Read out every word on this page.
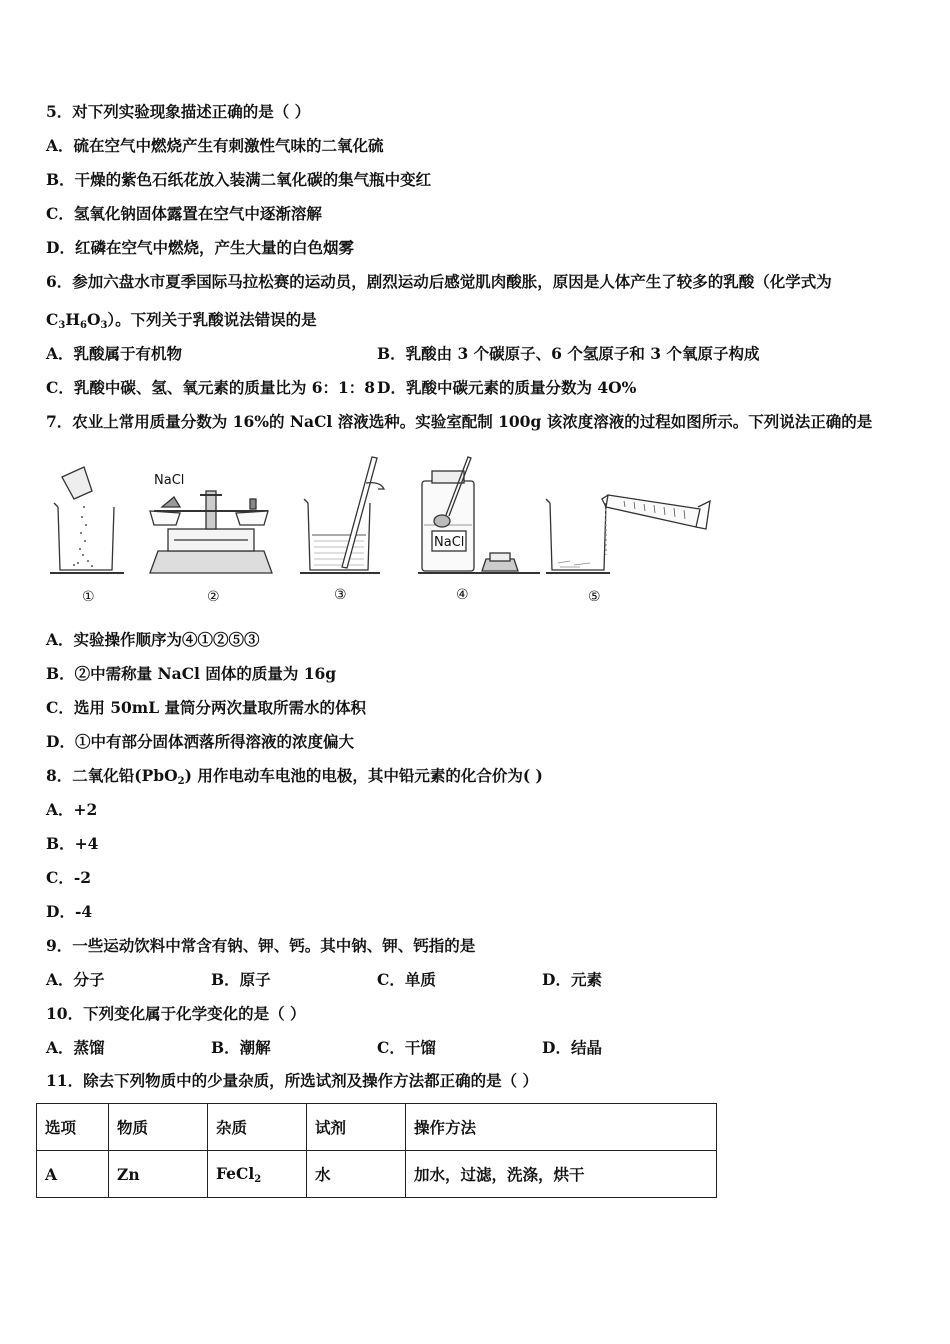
5．对下列实验现象描述正确的是（ ）
A．硫在空气中燃烧产生有刺激性气味的二氧化硫
B．干燥的紫色石纸花放入装满二氧化碳的集气瓶中变红
C．氢氧化钠固体露置在空气中逐渐溶解
D．红磷在空气中燃烧，产生大量的白色烟雾
6．参加六盘水市夏季国际马拉松赛的运动员，剧烈运动后感觉肌肉酸胀，原因是人体产生了较多的乳酸（化学式为
$C_3H_6O_3$）。下列关于乳酸说法错误的是
A．乳酸属于有机物	B．乳酸由 3 个碳原子、6 个氢原子和 3 个氧原子构成
C．乳酸中碳、氢、氧元素的质量比为 6：1：8 D．乳酸中碳元素的质量分数为 4O%
7．农业上常用质量分数为 16%的 NaCl 溶液选种。实验室配制 100g 该浓度溶液的过程如图所示。下列说法正确的是
NaCl
NaCl
①	②	③	④	⑤
A．实验操作顺序为④①②⑤③
B．②中需称量 NaCl 固体的质量为 16g
C．选用 50mL 量筒分两次量取所需水的体积
D．①中有部分固体洒落所得溶液的浓度偏大
8．二氧化铅(PbO$_2$) 用作电动车电池的电极，其中铅元素的化合价为( )
A．+2
B．+4
C．-2
D．-4
9．一些运动饮料中常含有钠、钾、钙。其中钠、钾、钙指的是
A．分子	B．原子	C．单质	D．元素
10．下列变化属于化学变化的是（ ）
A．蒸馏	B．潮解	C．干馏	D．结晶
11．除去下列物质中的少量杂质，所选试剂及操作方法都正确的是（ ）
选项	物质	杂质	试剂	操作方法
A	Zn	FeCl$_2$	水	加水，过滤，洗涤，烘干
